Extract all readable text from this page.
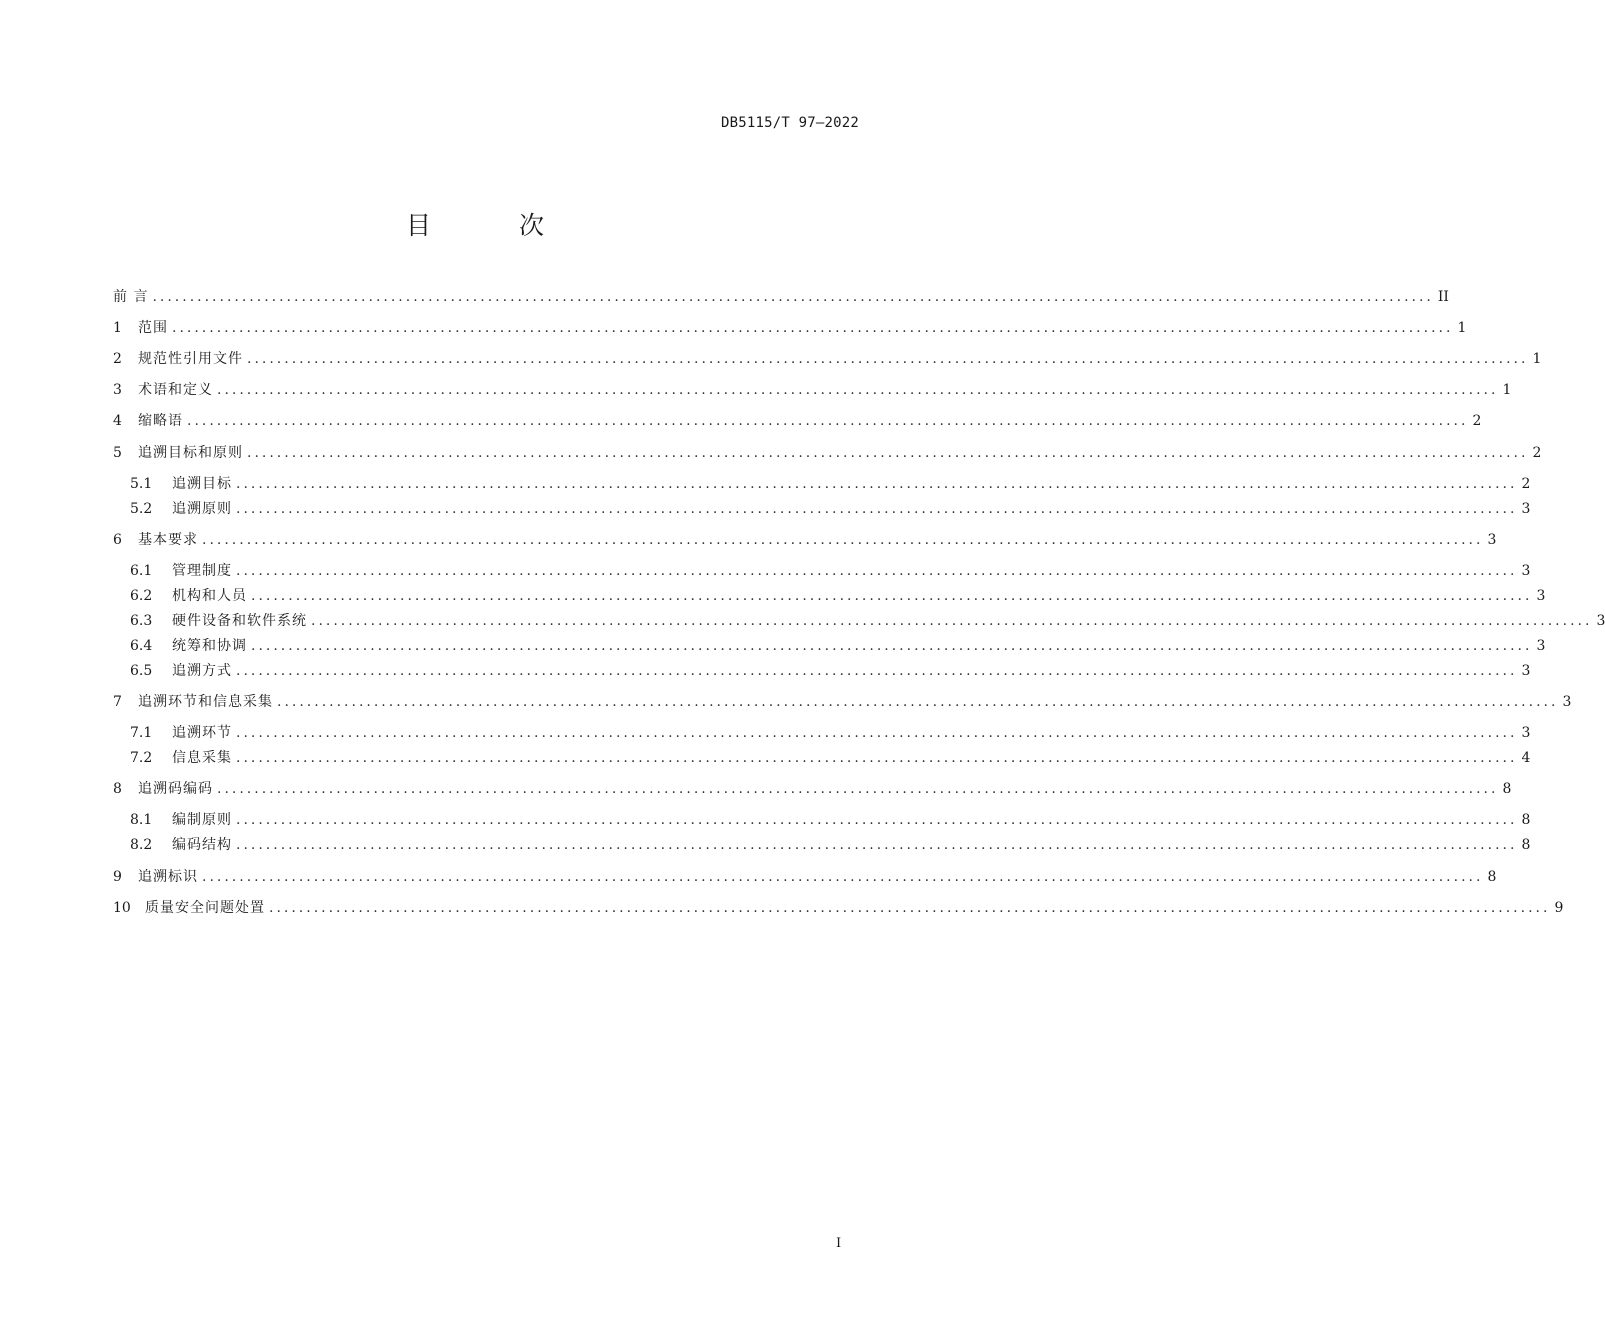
DB5115/T 97—2022
目 次
前 言 ............................................................................................................................................................................ II
1	范围 ............................................................................................................................................................................ 1
2	规范性引用文件 ............................................................................................................................................................................ 1
3	术语和定义 ............................................................................................................................................................................ 1
4	缩略语 ............................................................................................................................................................................ 2
5	追溯目标和原则 ............................................................................................................................................................................ 2
5.1	追溯目标 ............................................................................................................................................................................ 2
5.2	追溯原则 ............................................................................................................................................................................ 3
6	基本要求 ............................................................................................................................................................................ 3
6.1	管理制度 ............................................................................................................................................................................ 3
6.2	机构和人员 ............................................................................................................................................................................ 3
6.3	硬件设备和软件系统 ............................................................................................................................................................................ 3
6.4	统筹和协调 ............................................................................................................................................................................ 3
6.5	追溯方式 ............................................................................................................................................................................ 3
7	追溯环节和信息采集 ............................................................................................................................................................................ 3
7.1	追溯环节 ............................................................................................................................................................................ 3
7.2	信息采集 ............................................................................................................................................................................ 4
8	追溯码编码 ............................................................................................................................................................................ 8
8.1	编制原则 ............................................................................................................................................................................ 8
8.2	编码结构 ............................................................................................................................................................................ 8
9	追溯标识 ............................................................................................................................................................................ 8
10	质量安全问题处置 ............................................................................................................................................................................ 9
I
